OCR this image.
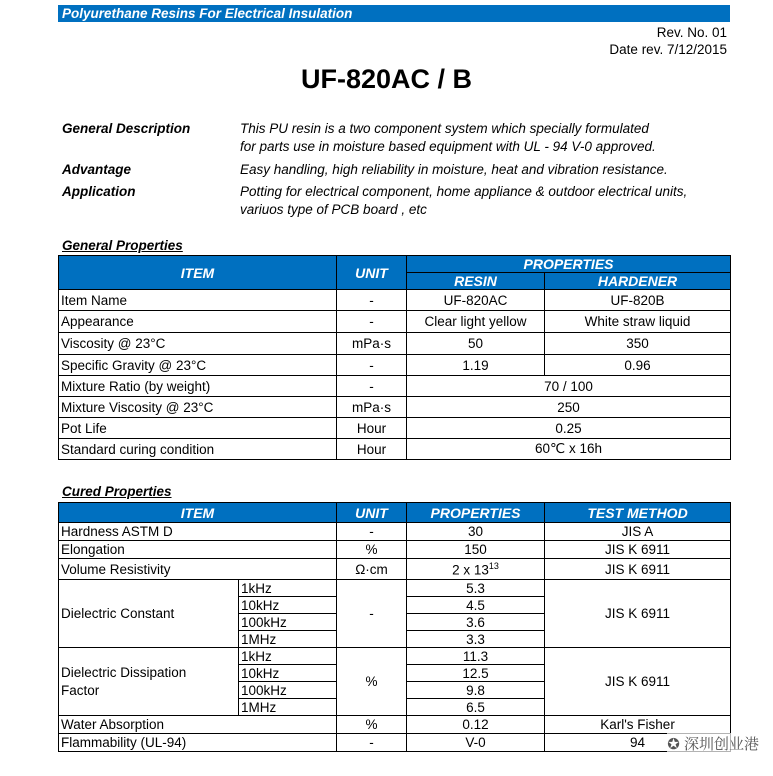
Polyurethane Resins For Electrical Insulation
Rev. No. 01
Date rev. 7/12/2015
UF-820AC / B
General Description	This PU resin is a two component system which specially formulated
for parts use in moisture based equipment with UL - 94 V-0 approved.
Advantage	Easy handling, high reliability in moisture, heat and vibration resistance.
Application	Potting for electrical component, home appliance & outdoor electrical units,
variuos type of PCB board , etc
General Properties
ITEM	UNIT	PROPERTIES	
		RESIN	HARDENER
Item Name	-	UF-820AC	UF-820B
Appearance	-	Clear light yellow	White straw liquid
Viscosity @ 23°C	mPa·s	50	350
Specific Gravity @ 23°C	-	1.19	0.96
Mixture Ratio (by weight)	-	70 / 100	
Mixture Viscosity @ 23°C	mPa·s	250	
Pot Life	Hour	0.25	
Standard curing condition	Hour	60℃ x 16h	
Cured Properties
ITEM		UNIT	PROPERTIES	TEST METHOD
Hardness ASTM D		-	30	JIS A
Elongation		%	150	JIS K 6911
Volume Resistivity		Ω·cm	2 x $13^{13}$	JIS K 6911
Dielectric Constant	1kHz	-	5.3	JIS K 6911
	10kHz		4.5	
	100kHz		3.6	
	1MHz		3.3	

Dielectric Dissipation
Factor	1kHz	%	11.3	JIS K 6911
	10kHz		12.5	
	100kHz		9.8	
	1MHz		6.5	
Water Absorption		%	0.12	Karl's Fisher
Flammability (UL-94)		-	V-0	94 ✪ 深圳创业港
